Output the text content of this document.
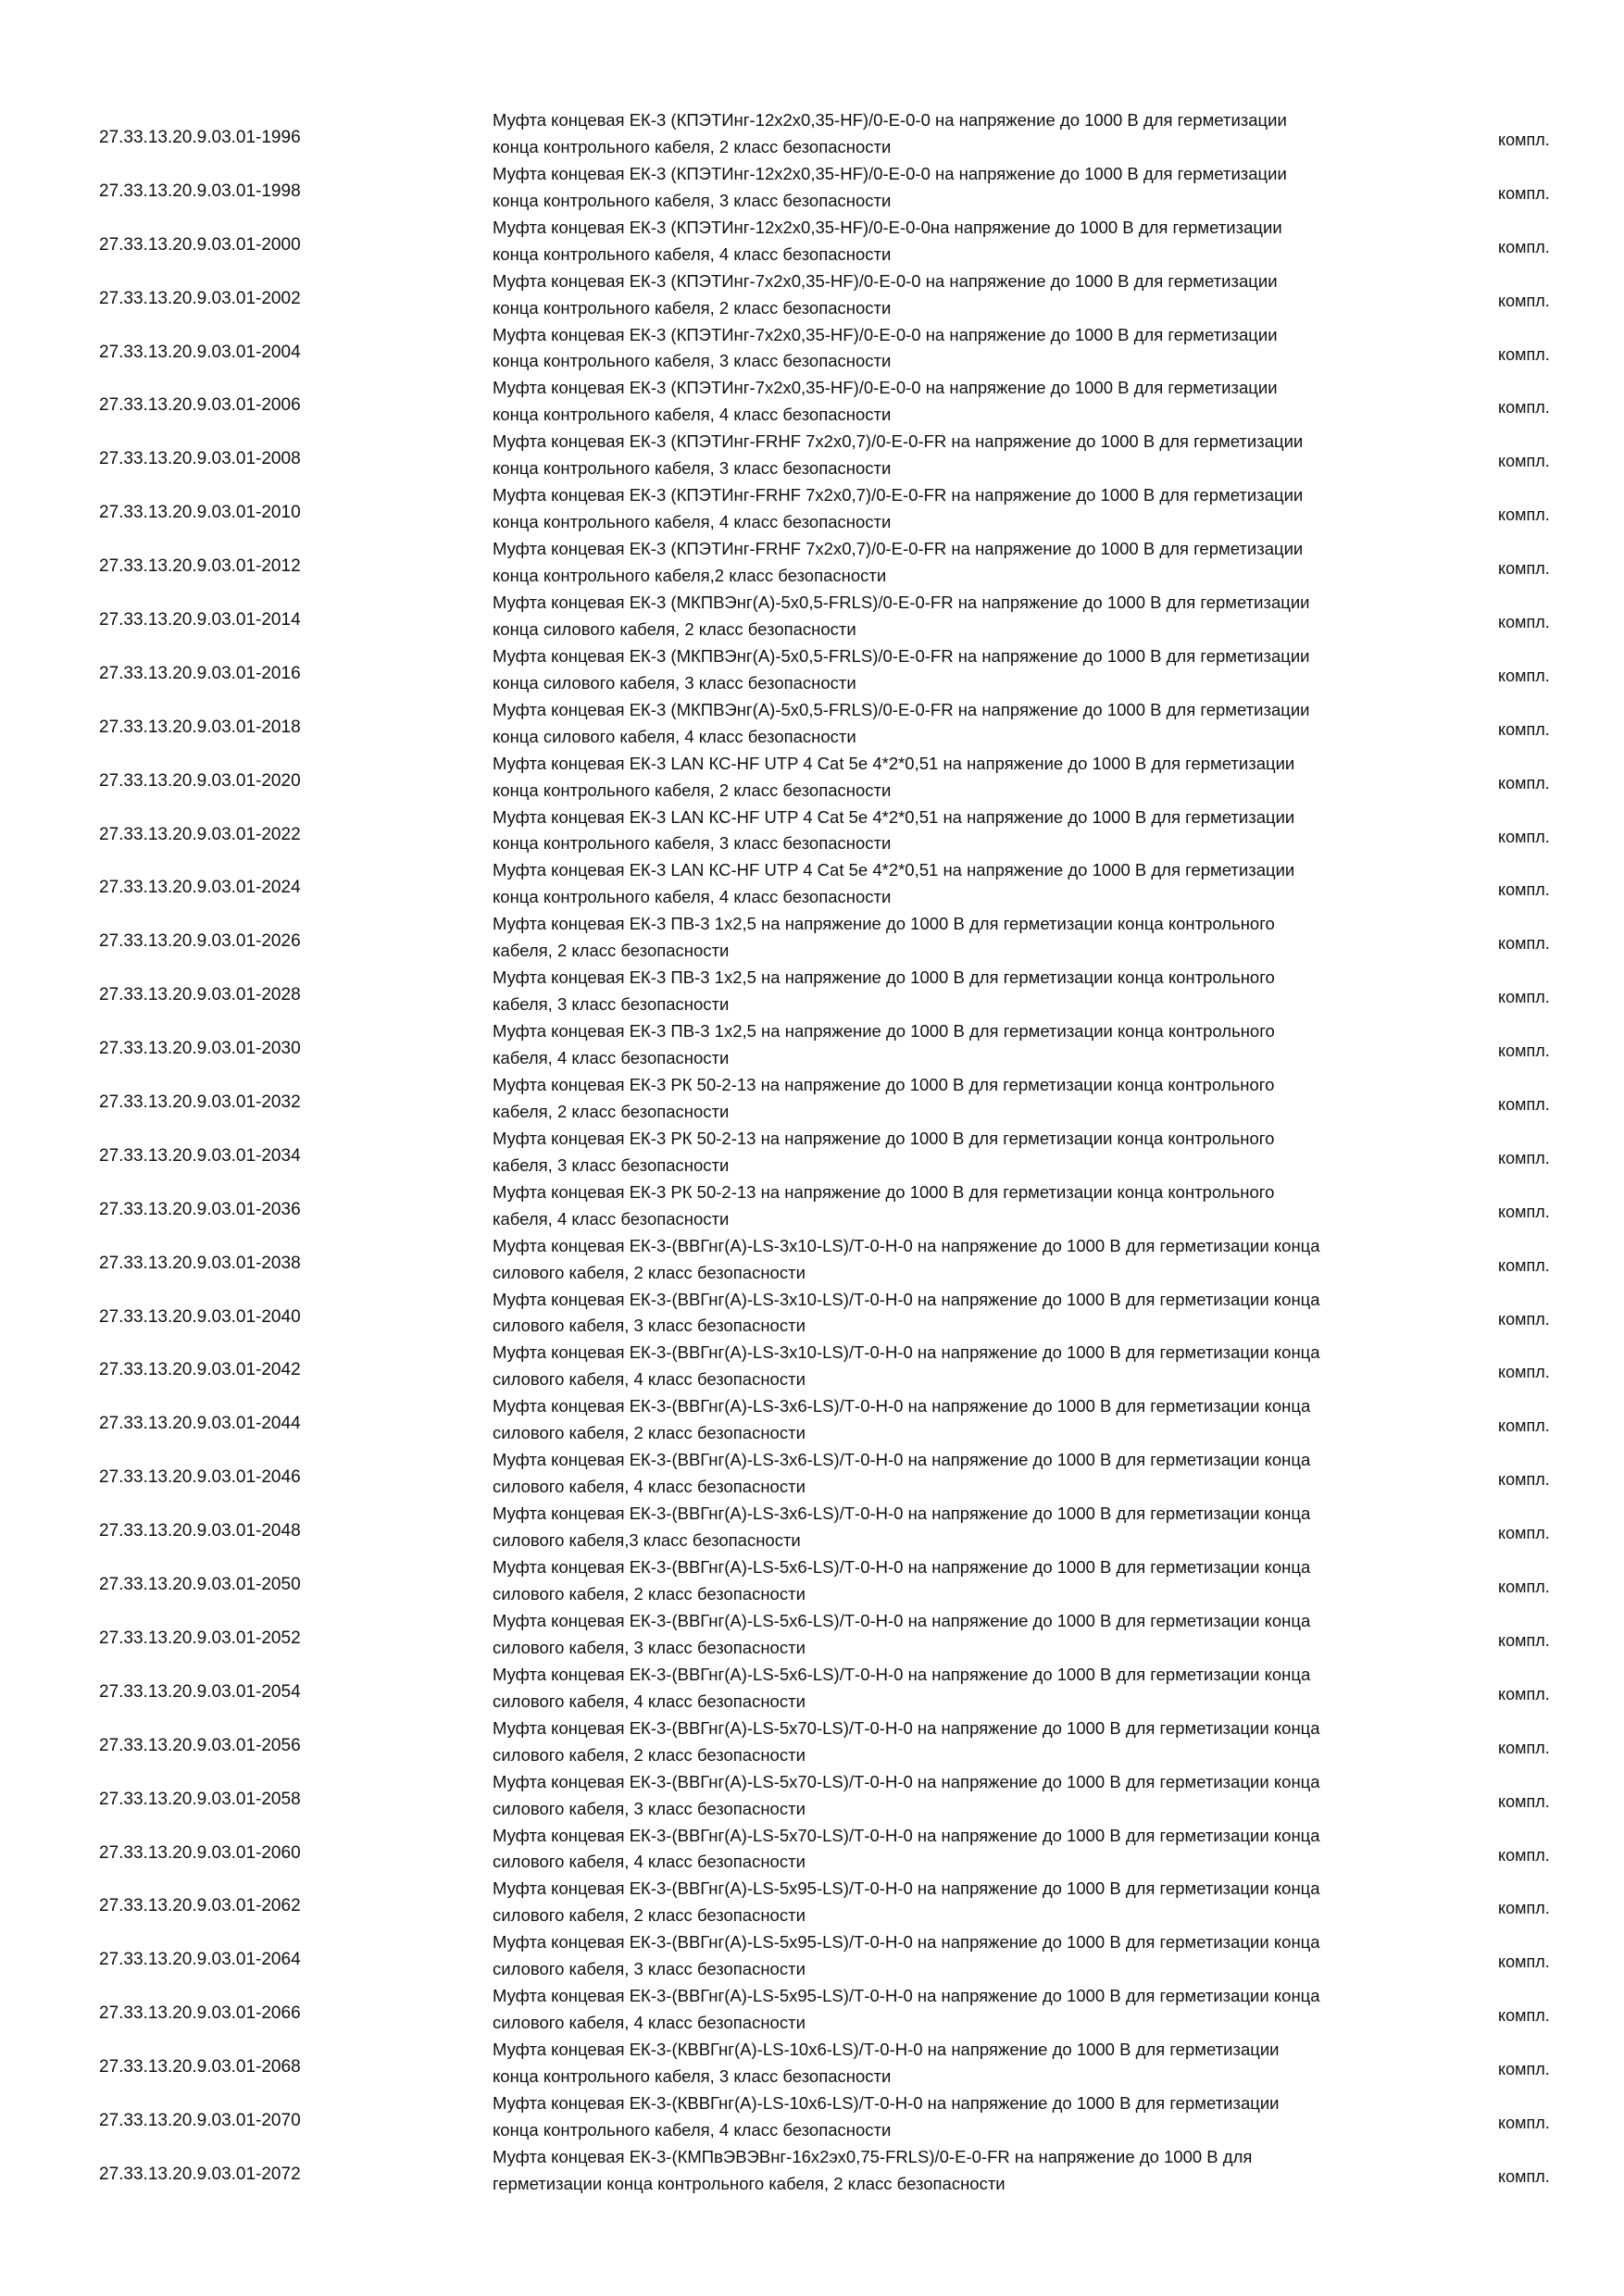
27.33.13.20.9.03.01-1996
Муфта концевая ЕК-3 (КПЭТИнг-12х2х0,35-HF)/0-Е-0-0 на напряжение до 1000 В для герметизации
конца контрольного кабеля, 2 класс безопасности	компл.
27.33.13.20.9.03.01-1998
Муфта концевая ЕК-3 (КПЭТИнг-12х2х0,35-HF)/0-Е-0-0 на напряжение до 1000 В для герметизации
конца контрольного кабеля, 3 класс безопасности	компл.
27.33.13.20.9.03.01-2000
Муфта концевая ЕК-3 (КПЭТИнг-12х2х0,35-HF)/0-Е-0-0на напряжение до 1000 В для герметизации
конца контрольного кабеля, 4 класс безопасности	компл.
27.33.13.20.9.03.01-2002
Муфта концевая ЕК-3 (КПЭТИнг-7х2х0,35-HF)/0-Е-0-0 на напряжение до 1000 В для герметизации
конца контрольного кабеля, 2 класс безопасности	компл.
27.33.13.20.9.03.01-2004
Муфта концевая ЕК-3 (КПЭТИнг-7х2х0,35-HF)/0-Е-0-0 на напряжение до 1000 В для герметизации
конца контрольного кабеля, 3 класс безопасности	компл.
27.33.13.20.9.03.01-2006
Муфта концевая ЕК-3 (КПЭТИнг-7х2х0,35-HF)/0-Е-0-0 на напряжение до 1000 В для герметизации
конца контрольного кабеля, 4 класс безопасности	компл.
27.33.13.20.9.03.01-2008
Муфта концевая ЕК-3 (КПЭТИнг-FRHF 7х2х0,7)/0-Е-0-FR на напряжение до 1000 В для герметизации
конца контрольного кабеля, 3 класс безопасности	компл.
27.33.13.20.9.03.01-2010
Муфта концевая ЕК-3 (КПЭТИнг-FRHF 7х2х0,7)/0-Е-0-FR на напряжение до 1000 В для герметизации
конца контрольного кабеля, 4 класс безопасности	компл.
27.33.13.20.9.03.01-2012
Муфта концевая ЕК-3 (КПЭТИнг-FRHF 7х2х0,7)/0-Е-0-FR на напряжение до 1000 В для герметизации
конца контрольного кабеля,2 класс безопасности	компл.
27.33.13.20.9.03.01-2014
Муфта концевая ЕК-3 (МКПВЭнг(А)-5х0,5-FRLS)/0-Е-0-FR на напряжение до 1000 В для герметизации
конца силового кабеля, 2 класс безопасности	компл.
27.33.13.20.9.03.01-2016
Муфта концевая ЕК-3 (МКПВЭнг(А)-5х0,5-FRLS)/0-Е-0-FR на напряжение до 1000 В для герметизации
конца силового кабеля, 3 класс безопасности	компл.
27.33.13.20.9.03.01-2018
Муфта концевая ЕК-3 (МКПВЭнг(А)-5х0,5-FRLS)/0-Е-0-FR на напряжение до 1000 В для герметизации
конца силового кабеля, 4 класс безопасности	компл.
27.33.13.20.9.03.01-2020
Муфта концевая ЕК-3 LAN КС-HF UTP 4 Cat 5e 4*2*0,51 на напряжение до 1000 В для герметизации
конца контрольного кабеля, 2 класс безопасности	компл.
27.33.13.20.9.03.01-2022
Муфта концевая ЕК-3 LAN КС-HF UTP 4 Cat 5e 4*2*0,51 на напряжение до 1000 В для герметизации
конца контрольного кабеля, 3 класс безопасности	компл.
27.33.13.20.9.03.01-2024
Муфта концевая ЕК-3 LAN КС-HF UTP 4 Cat 5e 4*2*0,51 на напряжение до 1000 В для герметизации
конца контрольного кабеля, 4 класс безопасности	компл.
27.33.13.20.9.03.01-2026
Муфта концевая ЕК-3 ПВ-3 1х2,5 на напряжение до 1000 В для герметизации конца контрольного
кабеля, 2 класс безопасности	компл.
27.33.13.20.9.03.01-2028
Муфта концевая ЕК-3 ПВ-3 1х2,5 на напряжение до 1000 В для герметизации конца контрольного
кабеля, 3 класс безопасности	компл.
27.33.13.20.9.03.01-2030
Муфта концевая ЕК-3 ПВ-3 1х2,5 на напряжение до 1000 В для герметизации конца контрольного
кабеля, 4 класс безопасности	компл.
27.33.13.20.9.03.01-2032
Муфта концевая ЕК-3 РК 50-2-13 на напряжение до 1000 В для герметизации конца контрольного
кабеля, 2 класс безопасности	компл.
27.33.13.20.9.03.01-2034
Муфта концевая ЕК-3 РК 50-2-13 на напряжение до 1000 В для герметизации конца контрольного
кабеля, 3 класс безопасности	компл.
27.33.13.20.9.03.01-2036
Муфта концевая ЕК-3 РК 50-2-13 на напряжение до 1000 В для герметизации конца контрольного
кабеля, 4 класс безопасности	компл.
27.33.13.20.9.03.01-2038
Муфта концевая ЕК-3-(ВВГнг(А)-LS-3х10-LS)/Т-0-Н-0 на напряжение до 1000 В для герметизации конца
силового кабеля, 2 класс безопасности	компл.
27.33.13.20.9.03.01-2040
Муфта концевая ЕК-3-(ВВГнг(А)-LS-3х10-LS)/Т-0-Н-0 на напряжение до 1000 В для герметизации конца
силового кабеля, 3 класс безопасности	компл.
27.33.13.20.9.03.01-2042
Муфта концевая ЕК-3-(ВВГнг(А)-LS-3х10-LS)/Т-0-Н-0 на напряжение до 1000 В для герметизации конца
силового кабеля, 4 класс безопасности	компл.
27.33.13.20.9.03.01-2044
Муфта концевая ЕК-3-(ВВГнг(А)-LS-3х6-LS)/Т-0-Н-0 на напряжение до 1000 В для герметизации конца
силового кабеля, 2 класс безопасности	компл.
27.33.13.20.9.03.01-2046
Муфта концевая ЕК-3-(ВВГнг(А)-LS-3х6-LS)/Т-0-Н-0 на напряжение до 1000 В для герметизации конца
силового кабеля, 4 класс безопасности	компл.
27.33.13.20.9.03.01-2048
Муфта концевая ЕК-3-(ВВГнг(А)-LS-3х6-LS)/Т-0-Н-0 на напряжение до 1000 В для герметизации конца
силового кабеля,3 класс безопасности	компл.
27.33.13.20.9.03.01-2050
Муфта концевая ЕК-3-(ВВГнг(А)-LS-5х6-LS)/Т-0-Н-0 на напряжение до 1000 В для герметизации конца
силового кабеля, 2 класс безопасности	компл.
27.33.13.20.9.03.01-2052
Муфта концевая ЕК-3-(ВВГнг(А)-LS-5х6-LS)/Т-0-Н-0 на напряжение до 1000 В для герметизации конца
силового кабеля, 3 класс безопасности	компл.
27.33.13.20.9.03.01-2054
Муфта концевая ЕК-3-(ВВГнг(А)-LS-5х6-LS)/Т-0-Н-0 на напряжение до 1000 В для герметизации конца
силового кабеля, 4 класс безопасности	компл.
27.33.13.20.9.03.01-2056
Муфта концевая ЕК-3-(ВВГнг(А)-LS-5х70-LS)/Т-0-Н-0 на напряжение до 1000 В для герметизации конца
силового кабеля, 2 класс безопасности	компл.
27.33.13.20.9.03.01-2058
Муфта концевая ЕК-3-(ВВГнг(А)-LS-5х70-LS)/Т-0-Н-0 на напряжение до 1000 В для герметизации конца
силового кабеля, 3 класс безопасности	компл.
27.33.13.20.9.03.01-2060
Муфта концевая ЕК-3-(ВВГнг(А)-LS-5х70-LS)/Т-0-Н-0 на напряжение до 1000 В для герметизации конца
силового кабеля, 4 класс безопасности	компл.
27.33.13.20.9.03.01-2062
Муфта концевая ЕК-3-(ВВГнг(А)-LS-5х95-LS)/Т-0-Н-0 на напряжение до 1000 В для герметизации конца
силового кабеля, 2 класс безопасности	компл.
27.33.13.20.9.03.01-2064
Муфта концевая ЕК-3-(ВВГнг(А)-LS-5х95-LS)/Т-0-Н-0 на напряжение до 1000 В для герметизации конца
силового кабеля, 3 класс безопасности	компл.
27.33.13.20.9.03.01-2066
Муфта концевая ЕК-3-(ВВГнг(А)-LS-5х95-LS)/Т-0-Н-0 на напряжение до 1000 В для герметизации конца
силового кабеля, 4 класс безопасности	компл.
27.33.13.20.9.03.01-2068
Муфта концевая ЕК-3-(КВВГнг(А)-LS-10х6-LS)/Т-0-Н-0 на напряжение до 1000 В для герметизации
конца контрольного кабеля, 3 класс безопасности	компл.
27.33.13.20.9.03.01-2070
Муфта концевая ЕК-3-(КВВГнг(А)-LS-10х6-LS)/Т-0-Н-0 на напряжение до 1000 В для герметизации
конца контрольного кабеля, 4 класс безопасности	компл.
27.33.13.20.9.03.01-2072
Муфта концевая ЕК-3-(КМПвЭВЭВнг-16х2эх0,75-FRLS)/0-Е-0-FR на напряжение до 1000 В для
герметизации конца контрольного кабеля, 2 класс безопасности	компл.
